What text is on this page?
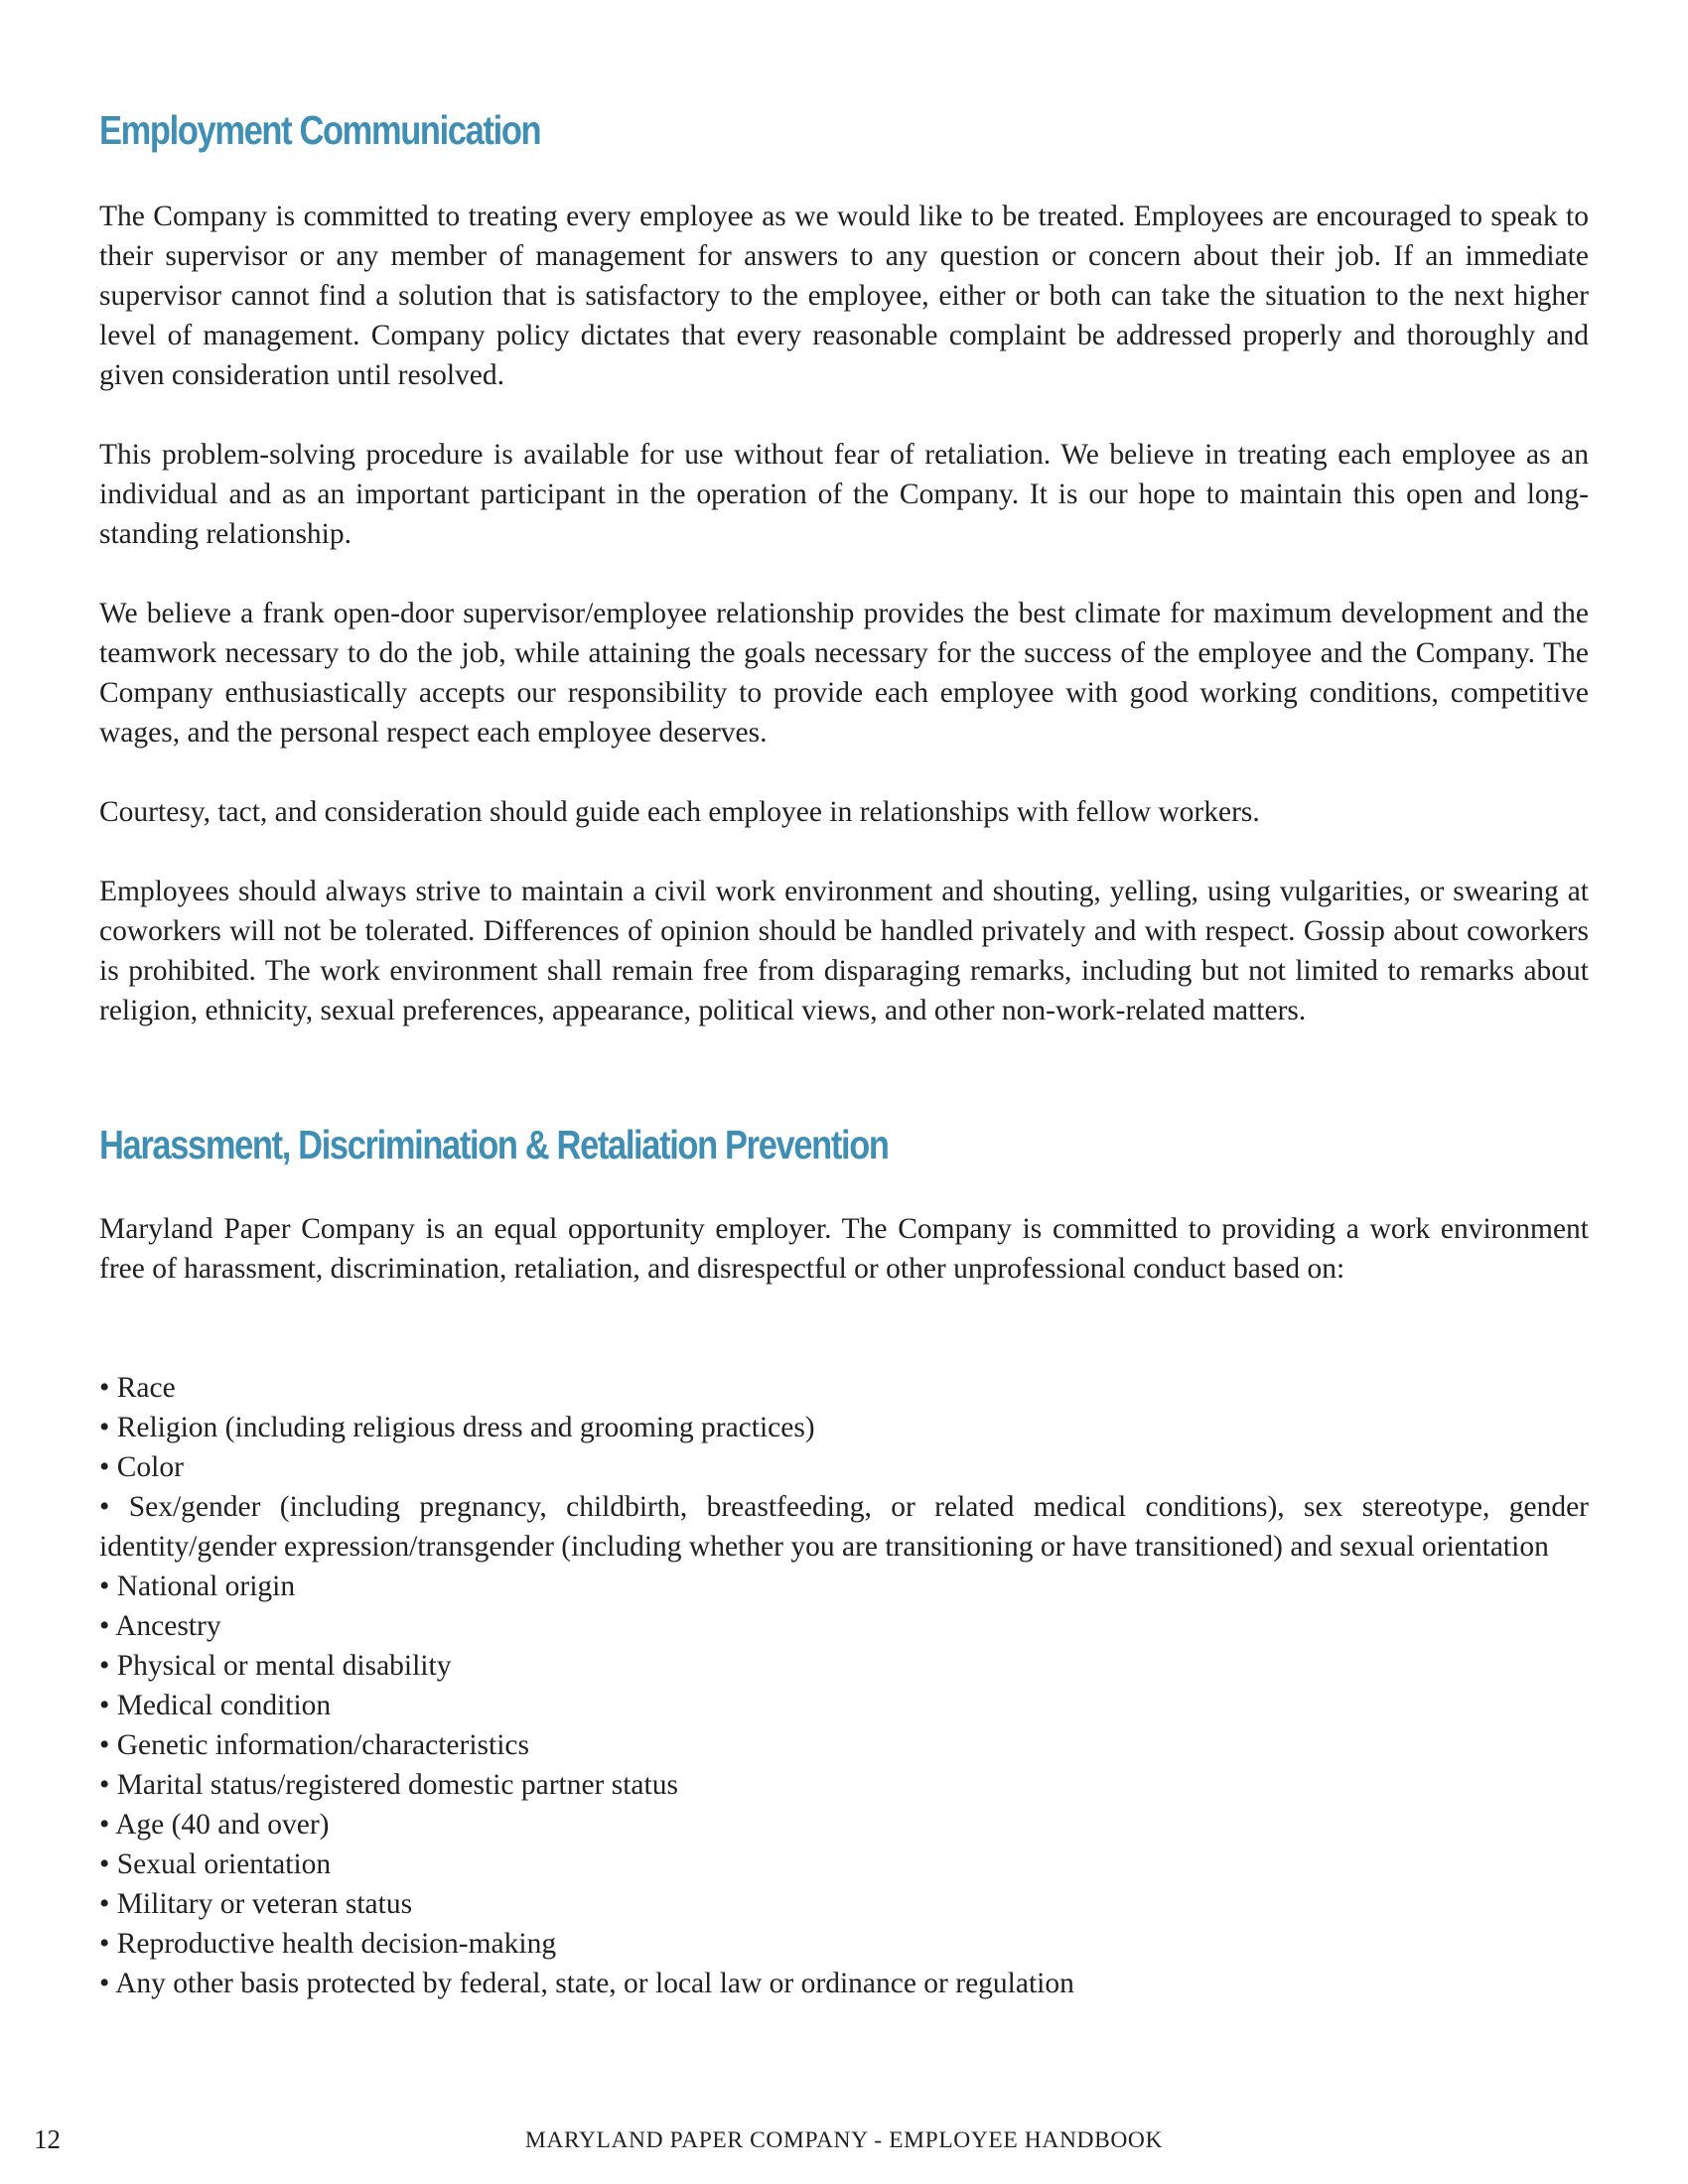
Employment Communication

The Company is committed to treating every employee as we would like to be treated. Employees are encouraged to speak to their supervisor or any member of management for answers to any question or concern about their job. If an immediate supervisor cannot find a solution that is satisfactory to the employee, either or both can take the situation to the next higher level of management. Company policy dictates that every reasonable complaint be addressed properly and thoroughly and given consideration until resolved.

This problem-solving procedure is available for use without fear of retaliation. We believe in treating each employee as an individual and as an important participant in the operation of the Company. It is our hope to maintain this open and long-standing relationship.

We believe a frank open-door supervisor/employee relationship provides the best climate for maximum development and the teamwork necessary to do the job, while attaining the goals necessary for the success of the employee and the Company. The Company enthusiastically accepts our responsibility to provide each employee with good working conditions, competitive wages, and the personal respect each employee deserves.

Courtesy, tact, and consideration should guide each employee in relationships with fellow workers.

Employees should always strive to maintain a civil work environment and shouting, yelling, using vulgarities, or swearing at coworkers will not be tolerated. Differences of opinion should be handled privately and with respect. Gossip about coworkers is prohibited. The work environment shall remain free from disparaging remarks, including but not limited to remarks about religion, ethnicity, sexual preferences, appearance, political views, and other non-work-related matters.

Harassment, Discrimination & Retaliation Prevention

Maryland Paper Company is an equal opportunity employer. The Company is committed to providing a work environment free of harassment, discrimination, retaliation, and disrespectful or other unprofessional conduct based on:

• Race
• Religion (including religious dress and grooming practices)
• Color
• Sex/gender (including pregnancy, childbirth, breastfeeding, or related medical conditions), sex stereotype, gender identity/gender expression/transgender (including whether you are transitioning or have transitioned) and sexual orientation
• National origin
• Ancestry
• Physical or mental disability
• Medical condition
• Genetic information/characteristics
• Marital status/registered domestic partner status
• Age (40 and over)
• Sexual orientation
• Military or veteran status
• Reproductive health decision-making
• Any other basis protected by federal, state, or local law or ordinance or regulation
12	MARYLAND PAPER COMPANY - EMPLOYEE HANDBOOK
